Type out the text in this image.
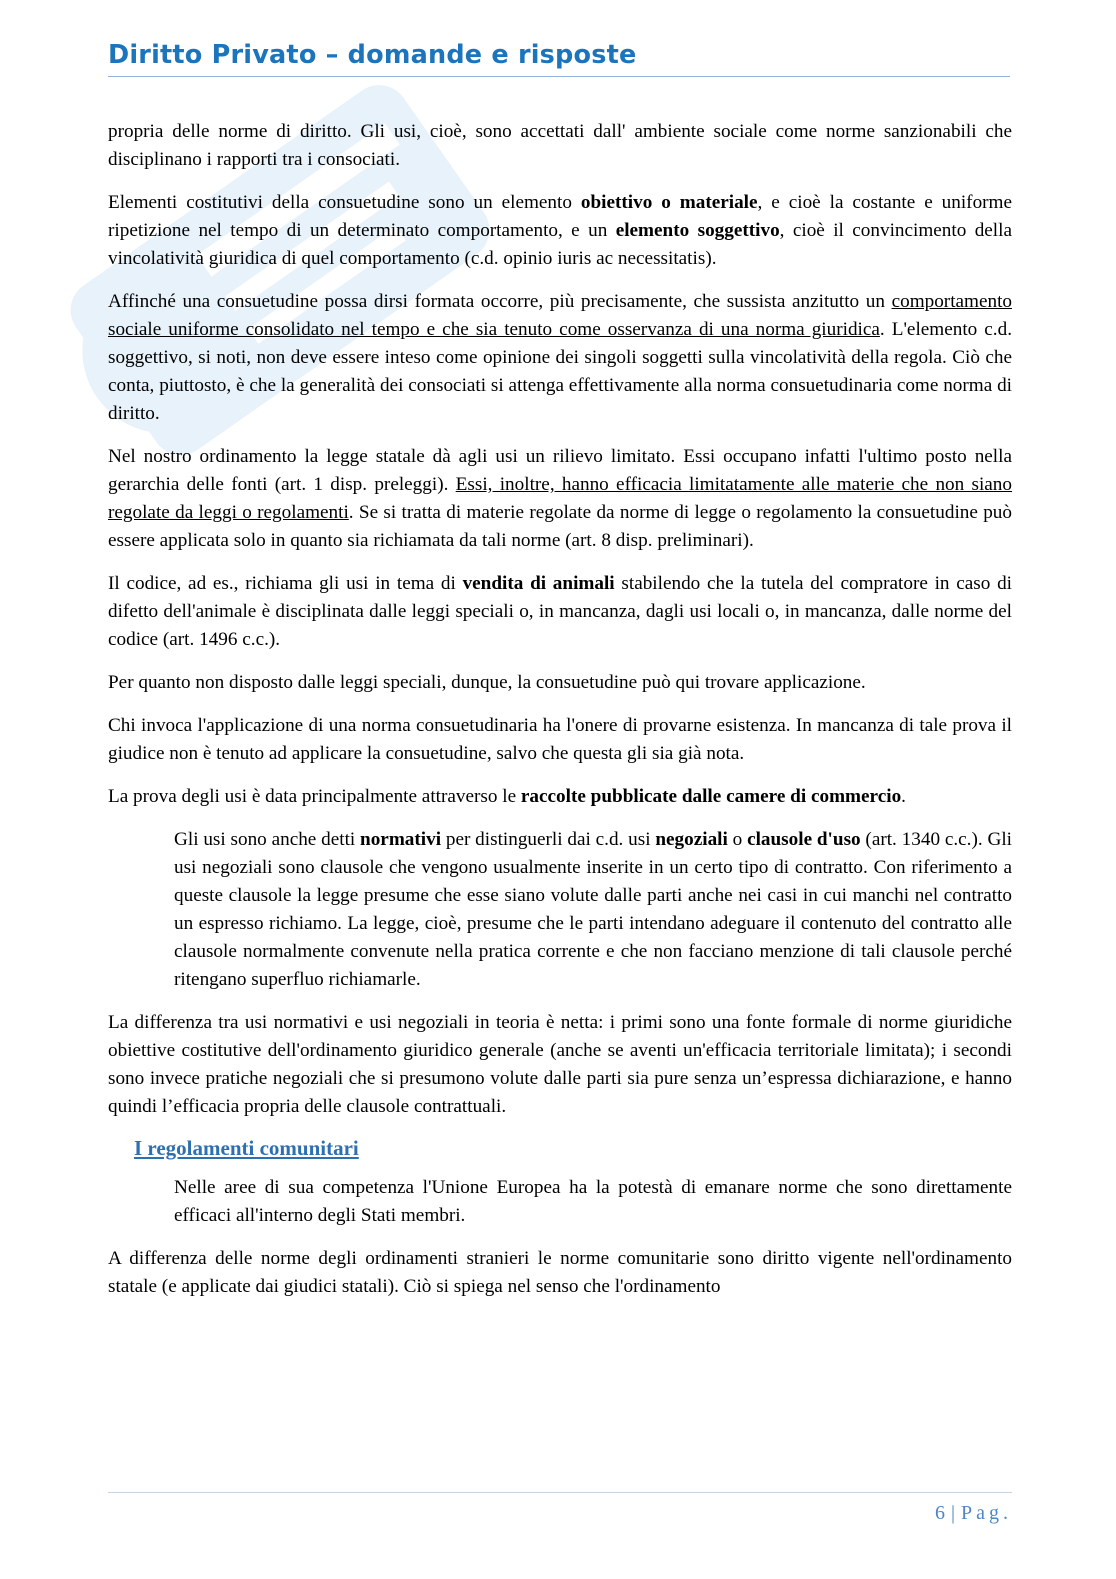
Diritto Privato – domande e risposte

propria delle norme di diritto. Gli usi, cioè, sono accettati dall' ambiente sociale come norme sanzionabili che disciplinano i rapporti tra i consociati.

Elementi costitutivi della consuetudine sono un elemento obiettivo o materiale, e cioè la costante e uniforme ripetizione nel tempo di un determinato comportamento, e un elemento soggettivo, cioè il convincimento della vincolatività giuridica di quel comportamento (c.d. opinio iuris ac necessitatis).

Affinché una consuetudine possa dirsi formata occorre, più precisamente, che sussista anzitutto un comportamento sociale uniforme consolidato nel tempo e che sia tenuto come osservanza di una norma giuridica. L'elemento c.d. soggettivo, si noti, non deve essere inteso come opinione dei singoli soggetti sulla vincolatività della regola. Ciò che conta, piuttosto, è che la generalità dei consociati si attenga effettivamente alla norma consuetudinaria come norma di diritto.

Nel nostro ordinamento la legge statale dà agli usi un rilievo limitato. Essi occupano infatti l'ultimo posto nella gerarchia delle fonti (art. 1 disp. preleggi). Essi, inoltre, hanno efficacia limitatamente alle materie che non siano regolate da leggi o regolamenti. Se si tratta di materie regolate da norme di legge o regolamento la consuetudine può essere applicata solo in quanto sia richiamata da tali norme (art. 8 disp. preliminari).

Il codice, ad es., richiama gli usi in tema di vendita di animali stabilendo che la tutela del compratore in caso di difetto dell'animale è disciplinata dalle leggi speciali o, in mancanza, dagli usi locali o, in mancanza, dalle norme del codice (art. 1496 c.c.).

Per quanto non disposto dalle leggi speciali, dunque, la consuetudine può qui trovare applicazione.

Chi invoca l'applicazione di una norma consuetudinaria ha l'onere di provarne esistenza. In mancanza di tale prova il giudice non è tenuto ad applicare la consuetudine, salvo che questa gli sia già nota.

La prova degli usi è data principalmente attraverso le raccolte pubblicate dalle camere di commercio.

Gli usi sono anche detti normativi per distinguerli dai c.d. usi negoziali o clausole d'uso (art. 1340 c.c.). Gli usi negoziali sono clausole che vengono usualmente inserite in un certo tipo di contratto. Con riferimento a queste clausole la legge presume che esse siano volute dalle parti anche nei casi in cui manchi nel contratto un espresso richiamo. La legge, cioè, presume che le parti intendano adeguare il contenuto del contratto alle clausole normalmente convenute nella pratica corrente e che non facciano menzione di tali clausole perché ritengano superfluo richiamarle.

La differenza tra usi normativi e usi negoziali in teoria è netta: i primi sono una fonte formale di norme giuridiche obiettive costitutive dell'ordinamento giuridico generale (anche se aventi un'efficacia territoriale limitata); i secondi sono invece pratiche negoziali che si presumono volute dalle parti sia pure senza un’espressa dichiarazione, e hanno quindi l’efficacia propria delle clausole contrattuali.

I regolamenti comunitari

Nelle aree di sua competenza l'Unione Europea ha la potestà di emanare norme che sono direttamente efficaci all'interno degli Stati membri.

A differenza delle norme degli ordinamenti stranieri le norme comunitarie sono diritto vigente nell'ordinamento statale (e applicate dai giudici statali). Ciò si spiega nel senso che l'ordinamento

6 | Pag.
